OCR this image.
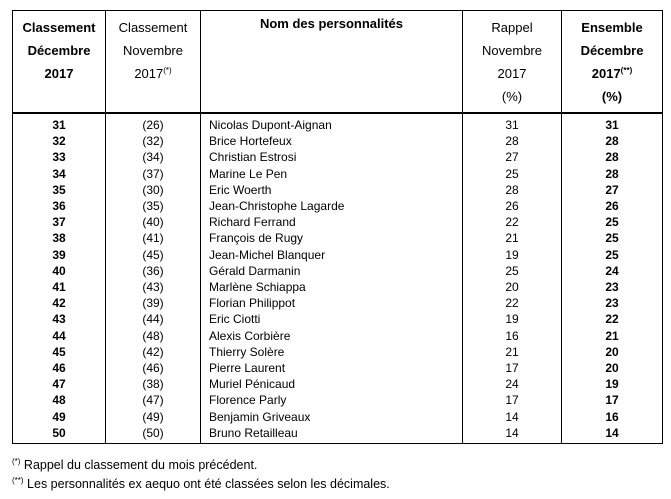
Classement
Décembre
2017	Classement
Novembre
2017(*)	Nom des personnalités	Rappel
Novembre
2017
(%)	Ensemble
Décembre
2017(**)
(%)
31	(26)	Nicolas Dupont-Aignan	31	31
32	(32)	Brice Hortefeux	28	28
33	(34)	Christian Estrosi	27	28
34	(37)	Marine Le Pen	25	28
35	(30)	Eric Woerth	28	27
36	(35)	Jean-Christophe Lagarde	26	26
37	(40)	Richard Ferrand	22	25
38	(41)	François de Rugy	21	25
39	(45)	Jean-Michel Blanquer	19	25
40	(36)	Gérald Darmanin	25	24
41	(43)	Marlène Schiappa	20	23
42	(39)	Florian Philippot	22	23
43	(44)	Eric Ciotti	19	22
44	(48)	Alexis Corbière	16	21
45	(42)	Thierry Solère	21	20
46	(46)	Pierre Laurent	17	20
47	(38)	Muriel Pénicaud	24	19
48	(47)	Florence Parly	17	17
49	(49)	Benjamin Griveaux	14	16
50	(50)	Bruno Retailleau	14	14
(*) Rappel du classement du mois précédent.
(**) Les personnalités ex aequo ont été classées selon les décimales.
